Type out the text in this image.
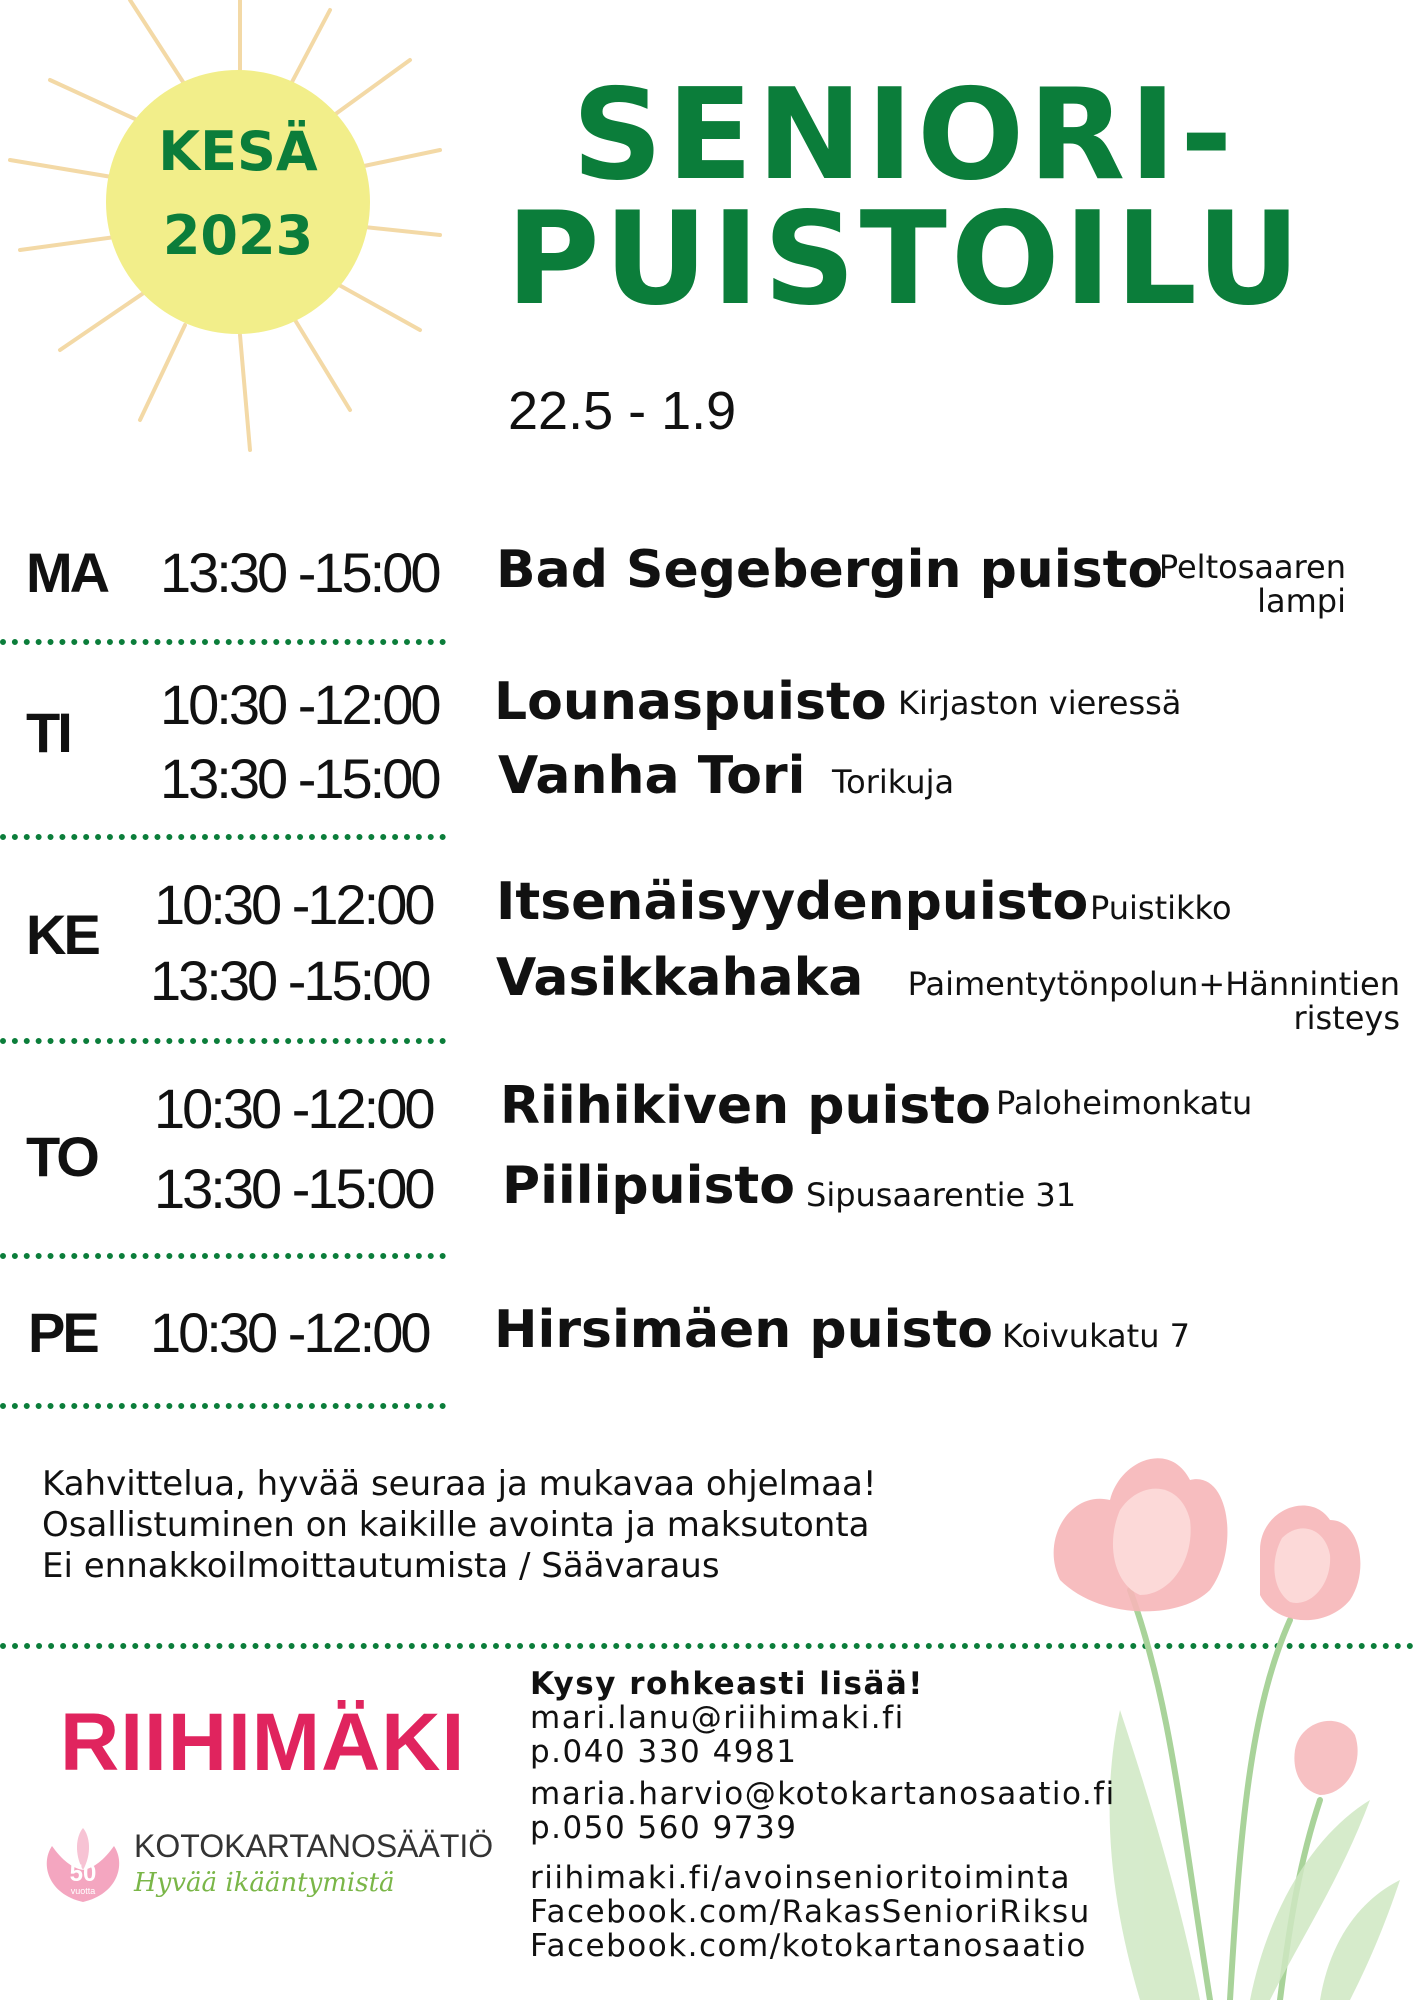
KESÄ
2023
SENIORI-
PUISTOILU
22.5 - 1.9
MA 13:30 -15:00 Bad Segebergin puisto
Peltosaaren
lampi
TI 10:30 -12:00 Lounaspuisto Kirjaston vieressä
13:30 -15:00 Vanha Tori Torikuja
KE 10:30 -12:00 Itsenäisyydenpuisto Puistikko
13:30 -15:00 Vasikkahaka	Paimentytönpolun+Hännintien
risteys
TO
10:30 -12:00 Riihikiven puisto Paloheimonkatu
13:30 -15:00 Piilipuisto Sipusaarentie 31
PE 10:30 -12:00 Hirsimäen puisto Koivukatu 7
Kahvittelua, hyvää seuraa ja mukavaa ohjelmaa!
Osallistuminen on kaikille avointa ja maksutonta
Ei ennakkoilmoittautumista / Säävaraus
RIIHIMÄKI
50
vuotta
KOTOKARTANOSÄÄTIÖ
Hyvää ikääntymistä
Kysy rohkeasti lisää!
mari.lanu@riihimaki.fi
p.040 330 4981
maria.harvio@kotokartanosaatio.fi
p.050 560 9739
riihimaki.fi/avoinsenioritoiminta
Facebook.com/RakasSenioriRiksu
Facebook.com/kotokartanosaatio
